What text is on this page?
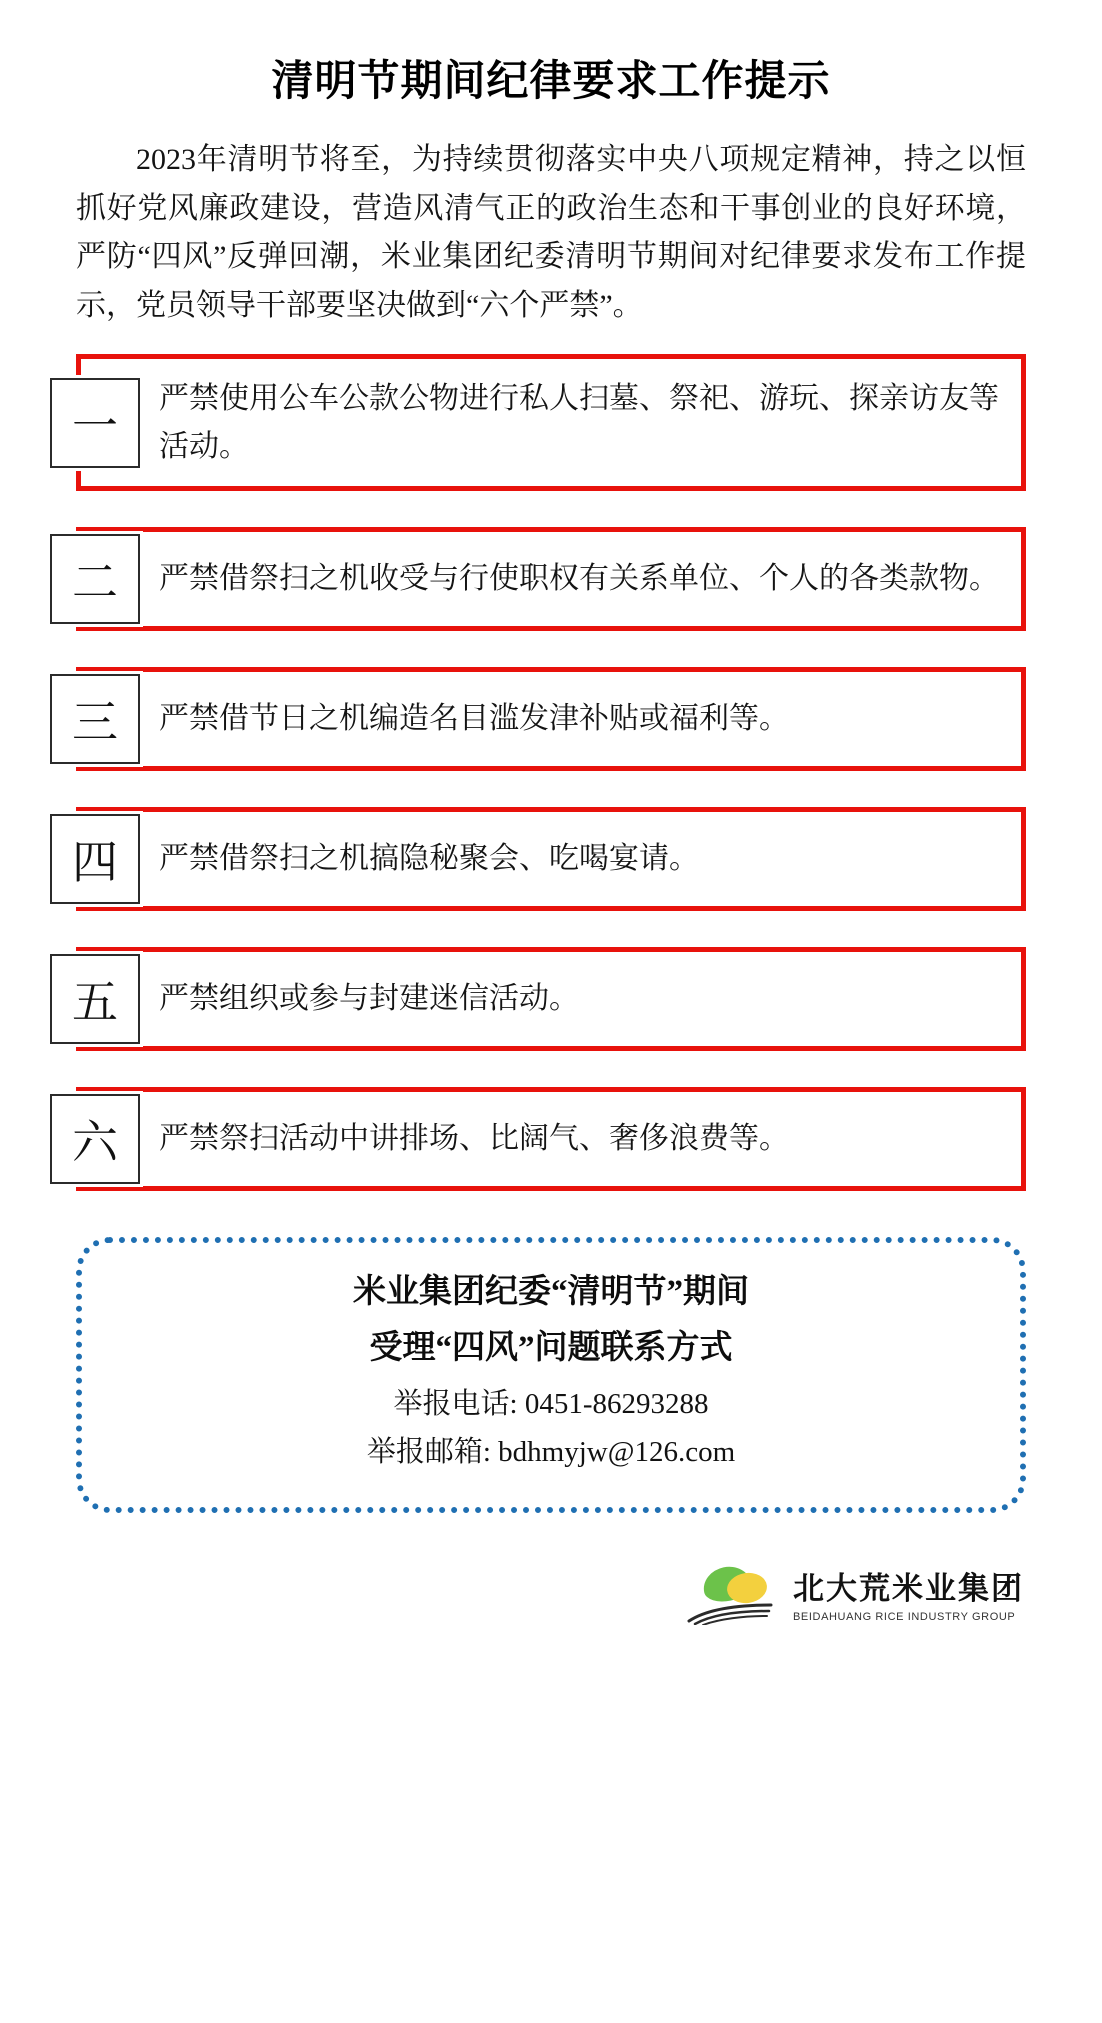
清明节期间纪律要求工作提示
2023年清明节将至，为持续贯彻落实中央八项规定精神，持之以恒抓好党风廉政建设，营造风清气正的政治生态和干事创业的良好环境，严防“四风”反弹回潮，米业集团纪委清明节期间对纪律要求发布工作提示，党员领导干部要坚决做到“六个严禁”。
一
严禁使用公车公款公物进行私人扫墓、祭祀、游玩、探亲访友等活动。
二	严禁借祭扫之机收受与行使职权有关系单位、个人的各类款物。
三	严禁借节日之机编造名目滥发津补贴或福利等。
四	严禁借祭扫之机搞隐秘聚会、吃喝宴请。
五	严禁组织或参与封建迷信活动。
六	严禁祭扫活动中讲排场、比阔气、奢侈浪费等。
米业集团纪委“清明节”期间
受理“四风”问题联系方式
举报电话: 0451-86293288
举报邮箱: bdhmyjw@126.com
北大荒米业集团
BEIDAHUANG RICE INDUSTRY GROUP
